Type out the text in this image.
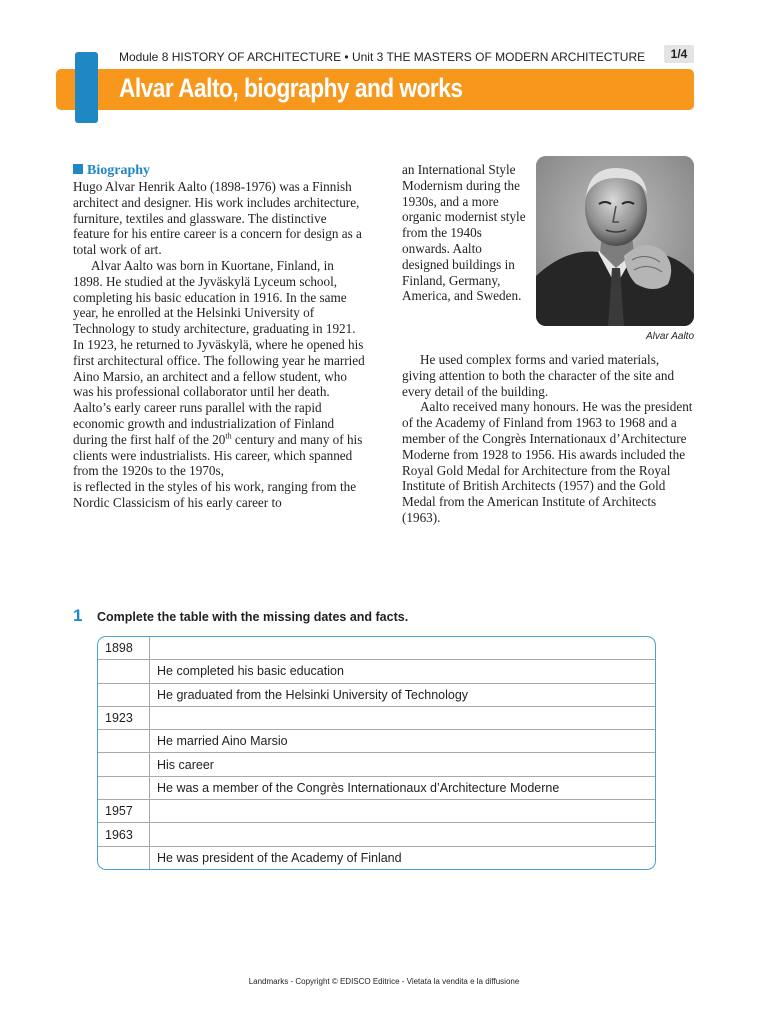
Module 8 HISTORY OF ARCHITECTURE • Unit 3 THE MASTERS OF MODERN ARCHITECTURE	1/4
Alvar Aalto, biography and works
Biography

Hugo Alvar Henrik Aalto (1898-1976) was a Finnish architect and designer. His work includes architecture, furniture, textiles and glassware. The distinctive feature for his entire career is a concern for design as a total work of art.

Alvar Aalto was born in Kuortane, Finland, in 1898. He studied at the Jyväskylä Lyceum school, completing his basic education in 1916. In the same year, he enrolled at the Helsinki University of Technology to study architecture, graduating in 1921. In 1923, he returned to Jyväskylä, where he opened his first architectural office. The following year he married Aino Marsio, an architect and a fellow student, who was his professional collaborator until her death. Aalto’s early career runs parallel with the rapid economic growth and industrialization of Finland during the first half of the 20th century and many of his clients were industrialists. His career, which spanned from the 1920s to the 1970s,

is reflected in the styles of his work, ranging from the Nordic Classicism of his early career to

an International Style Modernism during the 1930s, and a more organic modernist style from the 1940s onwards. Aalto designed buildings in Finland, Germany, America, and Sweden.

Alvar Aalto

He used complex forms and varied materials, giving attention to both the character of the site and every detail of the building.

Aalto received many honours. He was the president of the Academy of Finland from 1963 to 1968 and a member of the Congrès Internationaux d’Architecture Moderne from 1928 to 1956. His awards included the Royal Gold Medal for Architecture from the Royal Institute of British Architects (1957) and the Gold Medal from the American Institute of Architects (1963).

1 Complete the table with the missing dates and facts.
1898	
	He completed his basic education
	He graduated from the Helsinki University of Technology
1923	
	He married Aino Marsio
	His career
	He was a member of the Congrès Internationaux d’Architecture Moderne
1957	
1963	
	He was president of the Academy of Finland
Landmarks - Copyright © EDISCO Editrice - Vietata la vendita e la diffusione
